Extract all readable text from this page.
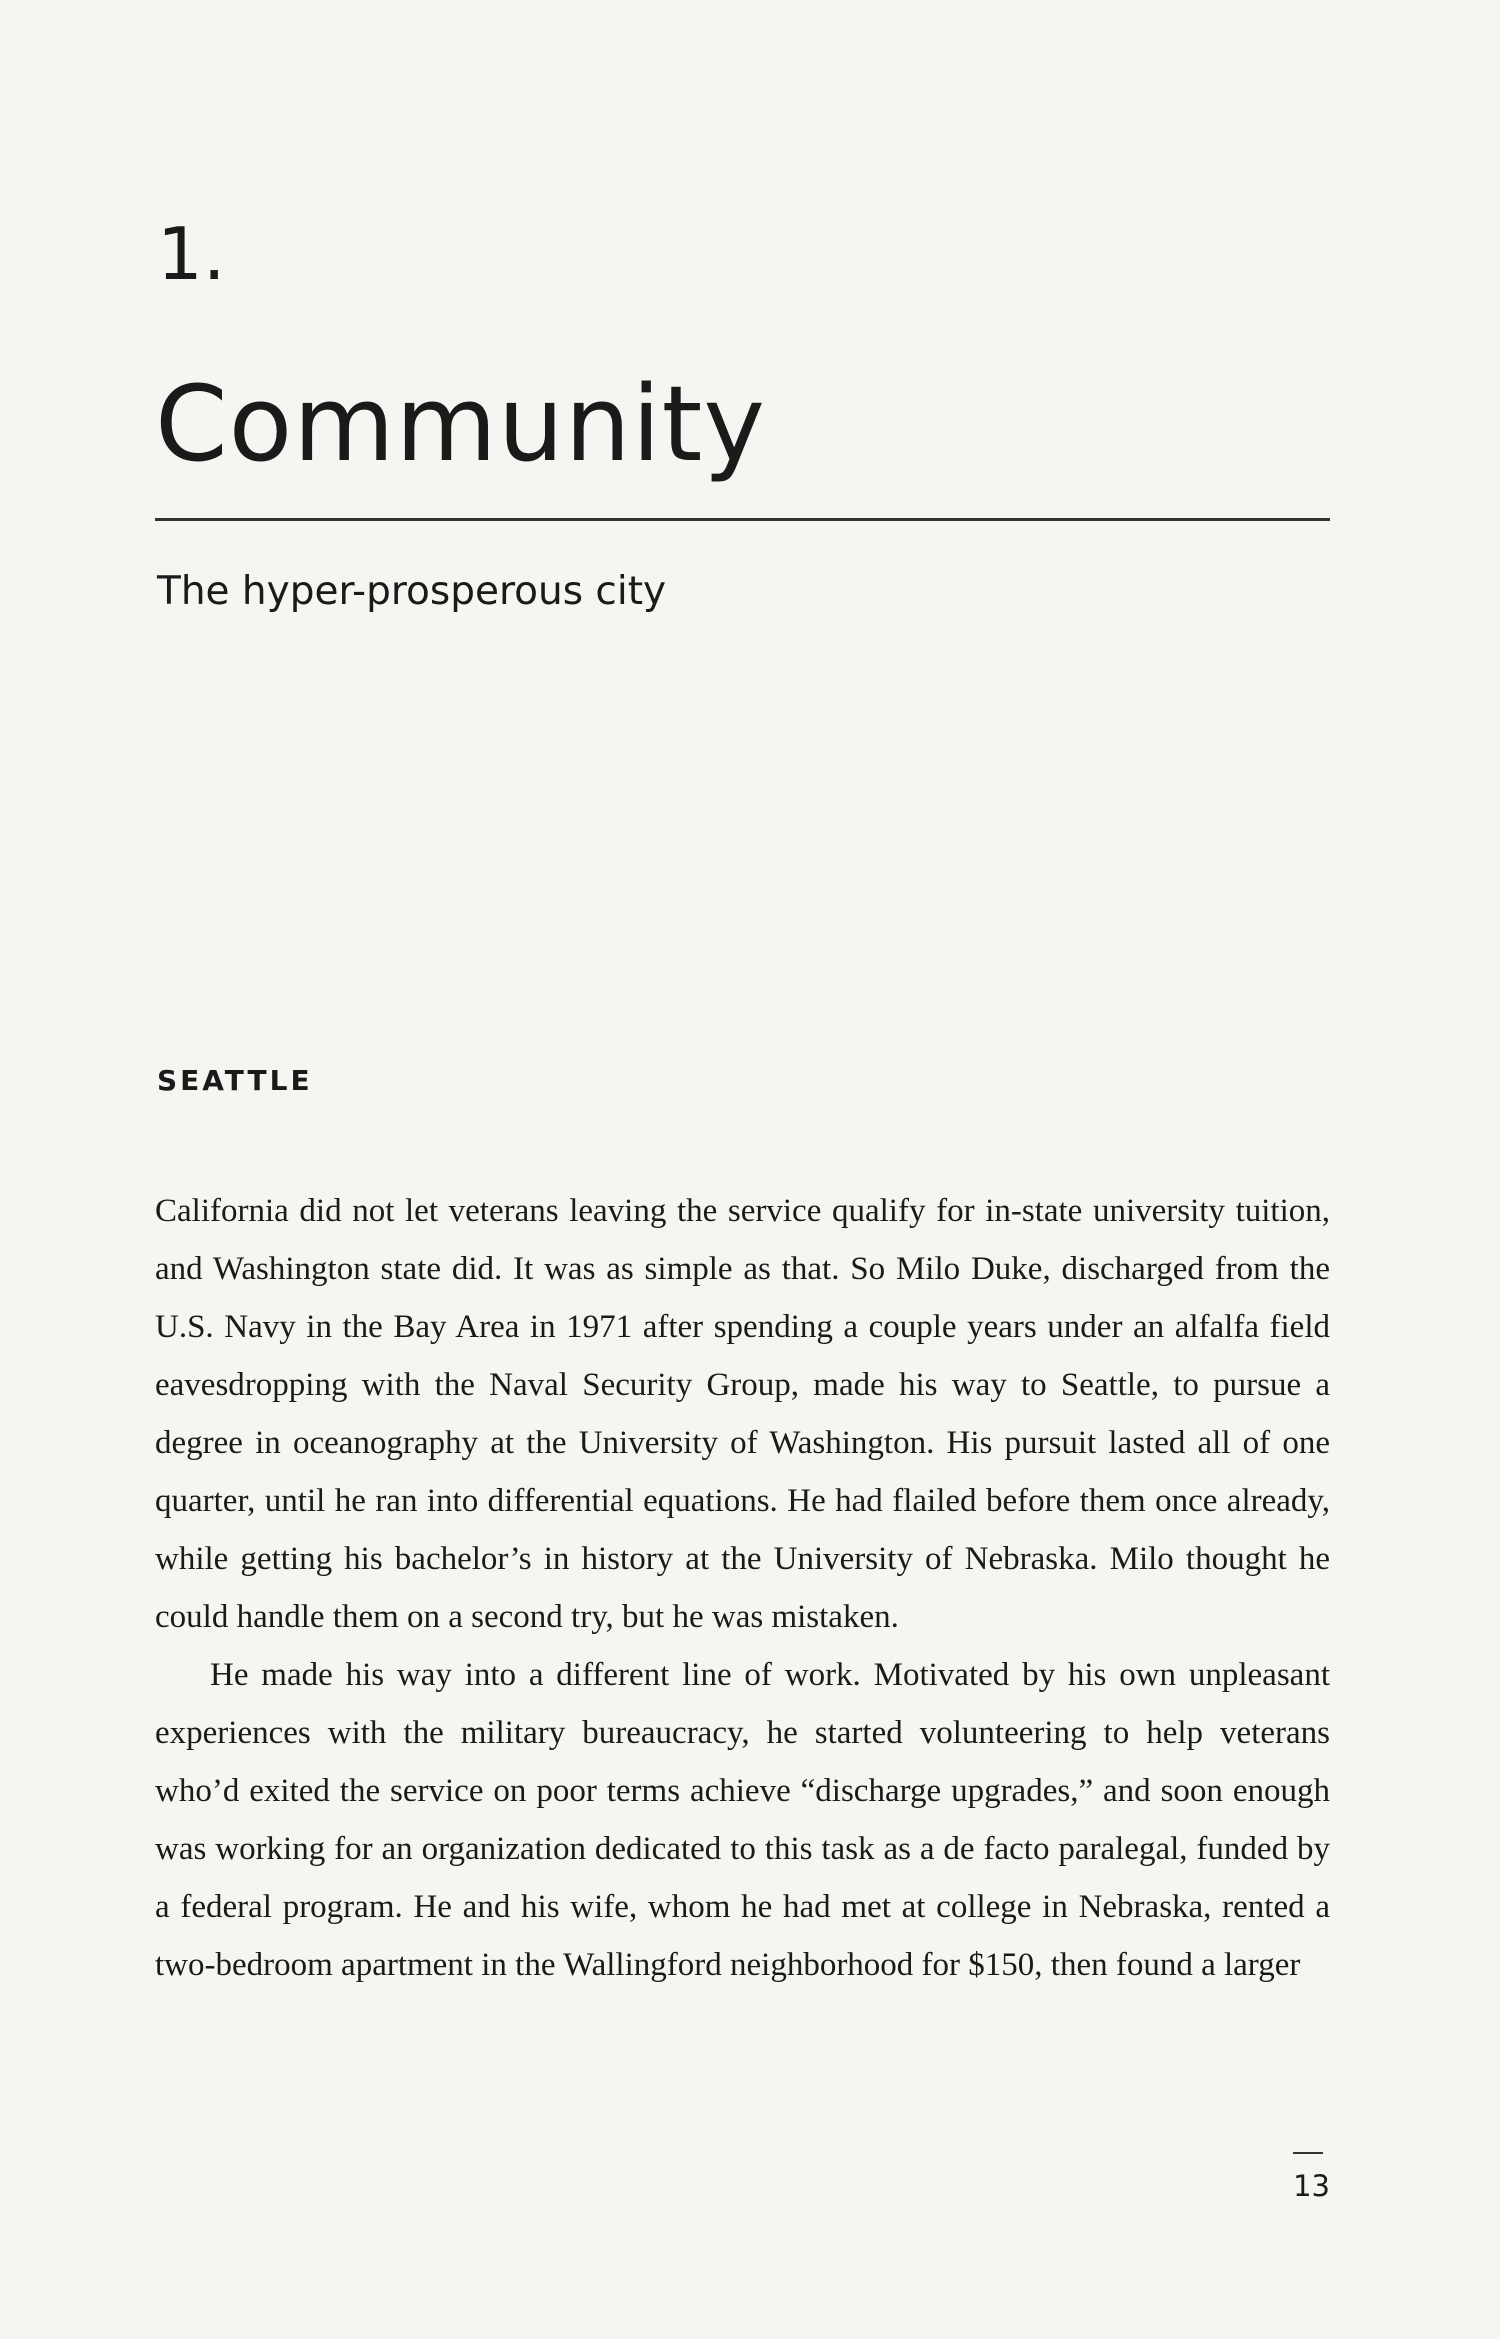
1.
Community
The hyper-prosperous city
SEATTLE

California did not let veterans leaving the service qualify for in-state university tuition, and Washington state did. It was as simple as that. So Milo Duke, discharged from the U.S. Navy in the Bay Area in 1971 after spending a couple years under an alfalfa field eavesdropping with the Naval Security Group, made his way to Seattle, to pursue a degree in oceanography at the University of Washington. His pursuit lasted all of one quarter, until he ran into differential equations. He had flailed before them once already, while getting his bachelor’s in history at the University of Nebraska. Milo thought he could handle them on a second try, but he was mistaken.

He made his way into a different line of work. Motivated by his own unpleasant experiences with the military bureaucracy, he started volunteering to help veterans who’d exited the service on poor terms achieve “discharge upgrades,” and soon enough was working for an organization dedicated to this task as a de facto paralegal, funded by a federal program. He and his wife, whom he had met at college in Nebraska, rented a two-bedroom apartment in the Wallingford neighborhood for $150, then found a larger

13
